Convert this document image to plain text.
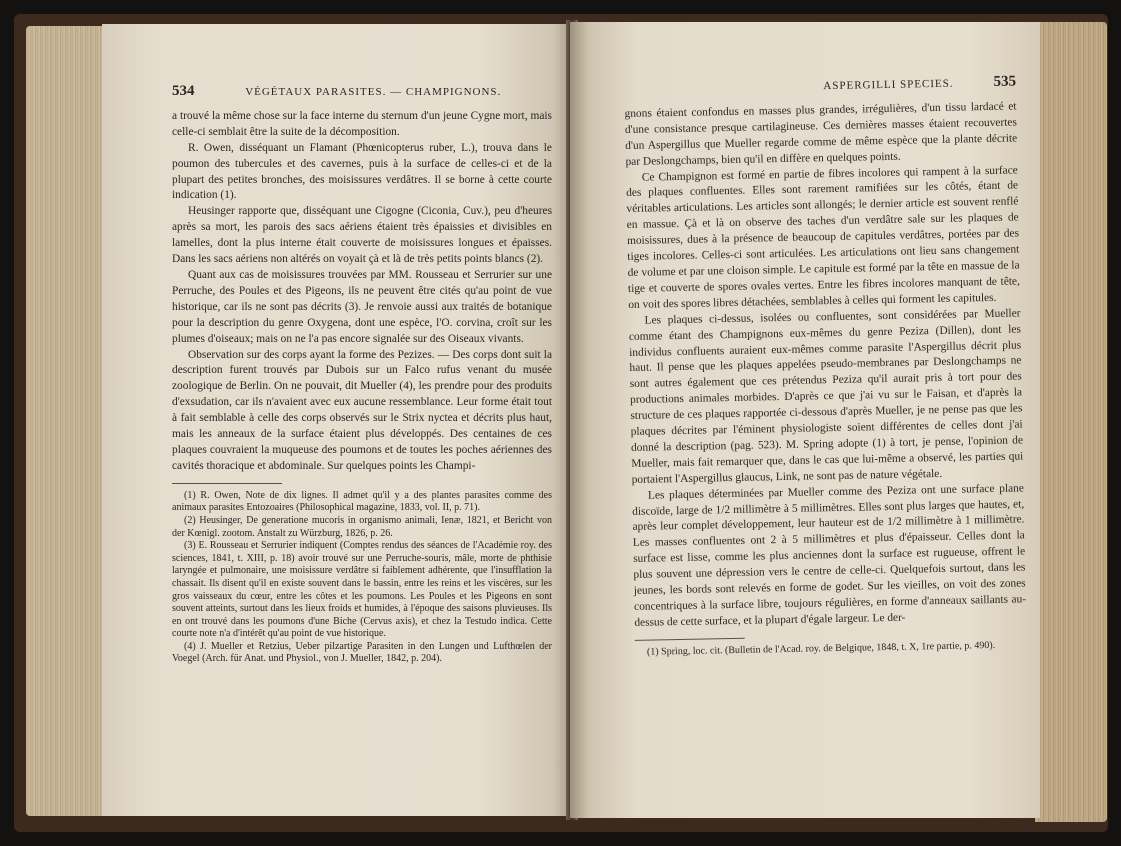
534	VÉGÉTAUX PARASITES. — CHAMPIGNONS.

a trouvé la même chose sur la face interne du sternum d'un jeune Cygne mort, mais celle-ci semblait être la suite de la décomposition.

R. Owen, disséquant un Flamant (Phœnicopterus ruber, L.), trouva dans le poumon des tubercules et des cavernes, puis à la surface de celles-ci et de la plupart des petites bronches, des moisissures verdâtres. Il se borne à cette courte indication (1).

Heusinger rapporte que, disséquant une Cigogne (Ciconia, Cuv.), peu d'heures après sa mort, les parois des sacs aériens étaient très épaissies et divisibles en lamelles, dont la plus interne était couverte de moisissures longues et épaisses. Dans les sacs aériens non altérés on voyait çà et là de très petits points blancs (2).

Quant aux cas de moisissures trouvées par MM. Rousseau et Serrurier sur une Perruche, des Poules et des Pigeons, ils ne peuvent être cités qu'au point de vue historique, car ils ne sont pas décrits (3). Je renvoie aussi aux traités de botanique pour la description du genre Oxygena, dont une espèce, l'O. corvina, croît sur les plumes d'oiseaux; mais on ne l'a pas encore signalée sur des Oiseaux vivants.

Observation sur des corps ayant la forme des Pezizes. — Des corps dont suit la description furent trouvés par Dubois sur un Falco rufus venant du musée zoologique de Berlin. On ne pouvait, dit Mueller (4), les prendre pour des produits d'exsudation, car ils n'avaient avec eux aucune ressemblance. Leur forme était tout à fait semblable à celle des corps observés sur le Strix nyctea et décrits plus haut, mais les anneaux de la surface étaient plus développés. Des centaines de ces plaques couvraient la muqueuse des poumons et de toutes les poches aériennes des cavités thoracique et abdominale. Sur quelques points les Champi-

(1) R. Owen, Note de dix lignes. Il admet qu'il y a des plantes parasites comme des animaux parasites Entozoaires (Philosophical magazine, 1833, vol. II, p. 71).

(2) Heusinger, De generatione mucoris in organismo animali, Ienæ, 1821, et Bericht von der Kœnigl. zootom. Anstalt zu Würzburg, 1826, p. 26.

(3) E. Rousseau et Serrurier indiquent (Comptes rendus des séances de l'Académie roy. des sciences, 1841, t. XIII, p. 18) avoir trouvé sur une Perruche-souris, mâle, morte de phthisie laryngée et pulmonaire, une moisissure verdâtre si faiblement adhérente, que l'insufflation la chassait. Ils disent qu'il en existe souvent dans le bassin, entre les reins et les viscères, sur les gros vaisseaux du cœur, entre les côtes et les poumons. Les Poules et les Pigeons en sont souvent atteints, surtout dans les lieux froids et humides, à l'époque des saisons pluvieuses. Ils en ont trouvé dans les poumons d'une Biche (Cervus axis), et chez la Testudo indica. Cette courte note n'a d'intérêt qu'au point de vue historique.

(4) J. Mueller et Retzius, Ueber pilzartige Parasiten in den Lungen und Lufthœlen der Voegel (Arch. für Anat. und Physiol., von J. Mueller, 1842, p. 204).

ASPERGILLI SPECIES.	535

gnons étaient confondus en masses plus grandes, irrégulières, d'un tissu lardacé et d'une consistance presque cartilagineuse. Ces dernières masses étaient recouvertes d'un Aspergillus que Mueller regarde comme de même espèce que la plante décrite par Deslongchamps, bien qu'il en diffère en quelques points.

Ce Champignon est formé en partie de fibres incolores qui rampent à la surface des plaques confluentes. Elles sont rarement ramifiées sur les côtés, étant de véritables articulations. Les articles sont allongés; le dernier article est souvent renflé en massue. Çà et là on observe des taches d'un verdâtre sale sur les plaques de moisissures, dues à la présence de beaucoup de capitules verdâtres, portées par des tiges incolores. Celles-ci sont articulées. Les articulations ont lieu sans changement de volume et par une cloison simple. Le capitule est formé par la tête en massue de la tige et couverte de spores ovales vertes. Entre les fibres incolores manquant de tête, on voit des spores libres détachées, semblables à celles qui forment les capitules.

Les plaques ci-dessus, isolées ou confluentes, sont considérées par Mueller comme étant des Champignons eux-mêmes du genre Peziza (Dillen), dont les individus confluents auraient eux-mêmes comme parasite l'Aspergillus décrit plus haut. Il pense que les plaques appelées pseudo-membranes par Deslongchamps ne sont autres également que ces prétendus Peziza qu'il aurait pris à tort pour des productions animales morbides. D'après ce que j'ai vu sur le Faisan, et d'après la structure de ces plaques rapportée ci-dessous d'après Mueller, je ne pense pas que les plaques décrites par l'éminent physiologiste soient différentes de celles dont j'ai donné la description (pag. 523). M. Spring adopte (1) à tort, je pense, l'opinion de Mueller, mais fait remarquer que, dans le cas que lui-même a observé, les parties qui portaient l'Aspergillus glaucus, Link, ne sont pas de nature végétale.

Les plaques déterminées par Mueller comme des Peziza ont une surface plane discoïde, large de 1/2 millimètre à 5 millimètres. Elles sont plus larges que hautes, et, après leur complet développement, leur hauteur est de 1/2 millimètre à 1 millimètre. Les masses confluentes ont 2 à 5 millimètres et plus d'épaisseur. Celles dont la surface est lisse, comme les plus anciennes dont la surface est rugueuse, offrent le plus souvent une dépression vers le centre de celle-ci. Quelquefois surtout, dans les jeunes, les bords sont relevés en forme de godet. Sur les vieilles, on voit des zones concentriques à la surface libre, toujours régulières, en forme d'anneaux saillants au-dessus de cette surface, et la plupart d'égale largeur. Le der-

(1) Spring, loc. cit. (Bulletin de l'Acad. roy. de Belgique, 1848, t. X, 1re partie, p. 490).
